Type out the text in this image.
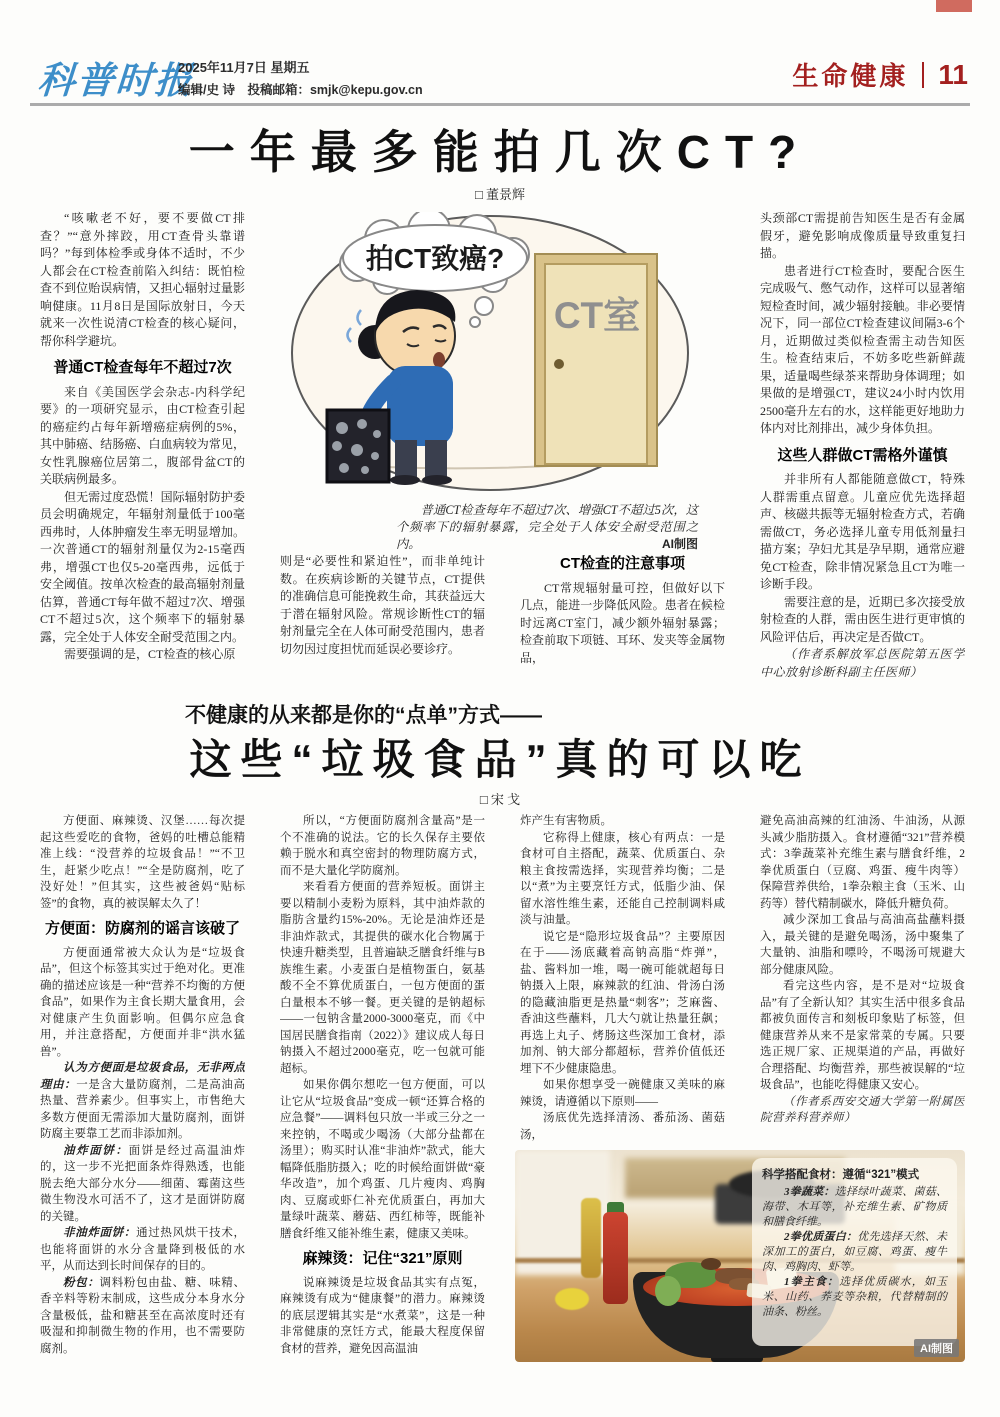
科普时报
2025年11月7日 星期五
编辑/史 诗　投稿邮箱：smjk@kepu.gov.cn	生命健康 11
一年最多能拍几次CT?
□ 董景辉

“咳嗽老不好，要不要做CT排查？”“意外摔跤，用CT查骨头靠谱吗？”每到体检季或身体不适时，不少人都会在CT检查前陷入纠结：既怕检查不到位贻误病情，又担心辐射过量影响健康。11月8日是国际放射日，今天就来一次性说清CT检查的核心疑问，帮你科学避坑。

普通CT检查每年不超过7次

来自《美国医学会杂志-内科学纪要》的一项研究显示，由CT检查引起的癌症约占每年新增癌症病例的5%，其中肺癌、结肠癌、白血病较为常见，女性乳腺癌位居第二，腹部骨盆CT的关联病例最多。

但无需过度恐慌！国际辐射防护委员会明确规定，年辐射剂量低于100毫西弗时，人体肿瘤发生率无明显增加。一次普通CT的辐射剂量仅为2-15毫西弗，增强CT也仅5-20毫西弗，远低于安全阈值。按单次检查的最高辐射剂量估算，普通CT每年做不超过7次、增强CT不超过5次，这个频率下的辐射暴露，完全处于人体安全耐受范围之内。

需要强调的是，CT检查的核心原

CT室
拍CT致癌?
普通CT检查每年不超过7次、增强CT不超过5次，这个频率下的辐射暴露，完全处于人体安全耐受范围之内。	AI制图

则是“必要性和紧迫性”，而非单纯计数。在疾病诊断的关键节点，CT提供的准确信息可能挽救生命，其获益远大于潜在辐射风险。常规诊断性CT的辐射剂量完全在人体可耐受范围内，患者切勿因过度担忧而延误必要诊疗。

CT检查的注意事项

CT常规辐射量可控，但做好以下几点，能进一步降低风险。患者在候检时远离CT室门，减少额外辐射暴露；检查前取下项链、耳环、发夹等金属物品，

头颈部CT需提前告知医生是否有金属假牙，避免影响成像质量导致重复扫描。

患者进行CT检查时，要配合医生完成吸气、憋气动作，这样可以显著缩短检查时间，减少辐射接触。非必要情况下，同一部位CT检查建议间隔3-6个月，近期做过类似检查需主动告知医生。检查结束后，不妨多吃些新鲜蔬果，适量喝些绿茶来帮助身体调理；如果做的是增强CT，建议24小时内饮用2500毫升左右的水，这样能更好地助力体内对比剂排出，减少身体负担。

这些人群做CT需格外谨慎

并非所有人都能随意做CT，特殊人群需重点留意。儿童应优先选择超声、核磁共振等无辐射检查方式，若确需做CT，务必选择儿童专用低剂量扫描方案；孕妇尤其是孕早期，通常应避免CT检查，除非情况紧急且CT为唯一诊断手段。

需要注意的是，近期已多次接受放射检查的人群，需由医生进行更审慎的风险评估后，再决定是否做CT。

（作者系解放军总医院第五医学中心放射诊断科副主任医师）

不健康的从来都是你的“点单”方式——
这些“垃圾食品”真的可以吃
□ 宋 戈

方便面、麻辣烫、汉堡……每次提起这些爱吃的食物，爸妈的吐槽总能精准上线：“没营养的垃圾食品！”“不卫生，赶紧少吃点！”“全是防腐剂，吃了没好处！”但其实，这些被爸妈“贴标签”的食物，真的被误解太久了！

方便面：防腐剂的谣言该破了

方便面通常被大众认为是“垃圾食品”，但这个标签其实过于绝对化。更准确的描述应该是一种“营养不均衡的方便食品”，如果作为主食长期大量食用，会对健康产生负面影响。但偶尔应急食用，并注意搭配，方便面并非“洪水猛兽”。

认为方便面是垃圾食品，无非两点理由：一是含大量防腐剂，二是高油高热量、营养素少。但事实上，市售绝大多数方便面无需添加大量防腐剂，面饼防腐主要靠工艺而非添加剂。

油炸面饼：面饼是经过高温油炸的，这一步不光把面条炸得熟透，也能脱去绝大部分水分——细菌、霉菌这些微生物没水可活不了，这才是面饼防腐的关键。

非油炸面饼：通过热风烘干技术，也能将面饼的水分含量降到极低的水平，从而达到长时间保存的目的。

粉包：调料粉包由盐、糖、味精、香辛料等粉末制成，这些成分本身水分含量极低，盐和糖甚至在高浓度时还有吸湿和抑制微生物的作用，也不需要防腐剂。

所以，“方便面防腐剂含量高”是一个不准确的说法。它的长久保存主要依赖于脱水和真空密封的物理防腐方式，而不是大量化学防腐剂。

来看看方便面的营养短板。面饼主要以精制小麦粉为原料，其中油炸款的脂肪含量约15%-20%。无论是油炸还是非油炸款式，其提供的碳水化合物属于快速升糖类型，且普遍缺乏膳食纤维与B族维生素。小麦蛋白是植物蛋白，氨基酸不全不算优质蛋白，一包方便面的蛋白量根本不够一餐。更关键的是钠超标——一包钠含量2000-3000毫克，而《中国居民膳食指南（2022）》建议成人每日钠摄入不超过2000毫克，吃一包就可能超标。

如果你偶尔想吃一包方便面，可以让它从“垃圾食品”变成一顿“还算合格的应急餐”——调料包只放一半或三分之一来控钠，不喝或少喝汤（大部分盐都在汤里）；购买时认准“非油炸”款式，能大幅降低脂肪摄入；吃的时候给面饼做“豪华改造”，加个鸡蛋、几片瘦肉、鸡胸肉、豆腐或虾仁补充优质蛋白，再加大量绿叶蔬菜、蘑菇、西红柿等，既能补膳食纤维又能补维生素，健康又美味。

麻辣烫：记住“321”原则

说麻辣烫是垃圾食品其实有点冤，麻辣烫有成为“健康餐”的潜力。麻辣烫的底层逻辑其实是“水煮菜”，这是一种非常健康的烹饪方式，能最大程度保留食材的营养，避免因高温油

炸产生有害物质。

它称得上健康，核心有两点：一是食材可自主搭配，蔬菜、优质蛋白、杂粮主食按需选择，实现营养均衡；二是以“煮”为主要烹饪方式，低脂少油、保留水溶性维生素，还能自己控制调料咸淡与油量。

说它是“隐形垃圾食品”？主要原因在于——汤底藏着高钠高脂“炸弹”，盐、酱料加一堆，喝一碗可能就超每日钠摄入上限，麻辣款的红油、骨汤白汤的隐藏油脂更是热量“刺客”；芝麻酱、香油这些蘸料，几大勺就让热量狂飙；再选上丸子、烤肠这些深加工食材，添加剂、钠大部分都超标，营养价值低还埋下不少健康隐患。

如果你想享受一碗健康又美味的麻辣烫，请遵循以下原则——

汤底优先选择清汤、番茄汤、菌菇汤，

避免高油高辣的红油汤、牛油汤，从源头减少脂肪摄入。食材遵循“321”营养模式：3拳蔬菜补充维生素与膳食纤维，2拳优质蛋白（豆腐、鸡蛋、瘦牛肉等）保障营养供给，1拳杂粮主食（玉米、山药等）替代精制碳水，降低升糖负荷。

减少深加工食品与高油高盐蘸料摄入，最关键的是避免喝汤，汤中聚集了大量钠、油脂和嘌呤，不喝汤可规避大部分健康风险。

看完这些内容，是不是对“垃圾食品”有了全新认知？其实生活中很多食品都被负面传言和刻板印象贴了标签，但健康营养从来不是家常菜的专属。只要选正规厂家、正规渠道的产品，再做好合理搭配、均衡营养，那些被误解的“垃圾食品”，也能吃得健康又安心。

（作者系西安交通大学第一附属医院营养科营养师）

科学搭配食材：遵循“321”模式

3拳蔬菜：选择绿叶蔬菜、菌菇、海带、木耳等，补充维生素、矿物质和膳食纤维。

2拳优质蛋白：优先选择天然、未深加工的蛋白，如豆腐、鸡蛋、瘦牛肉、鸡胸肉、虾等。

1拳主食：选择优质碳水，如玉米、山药、荞麦等杂粮，代替精制的油条、粉丝。

AI制图
